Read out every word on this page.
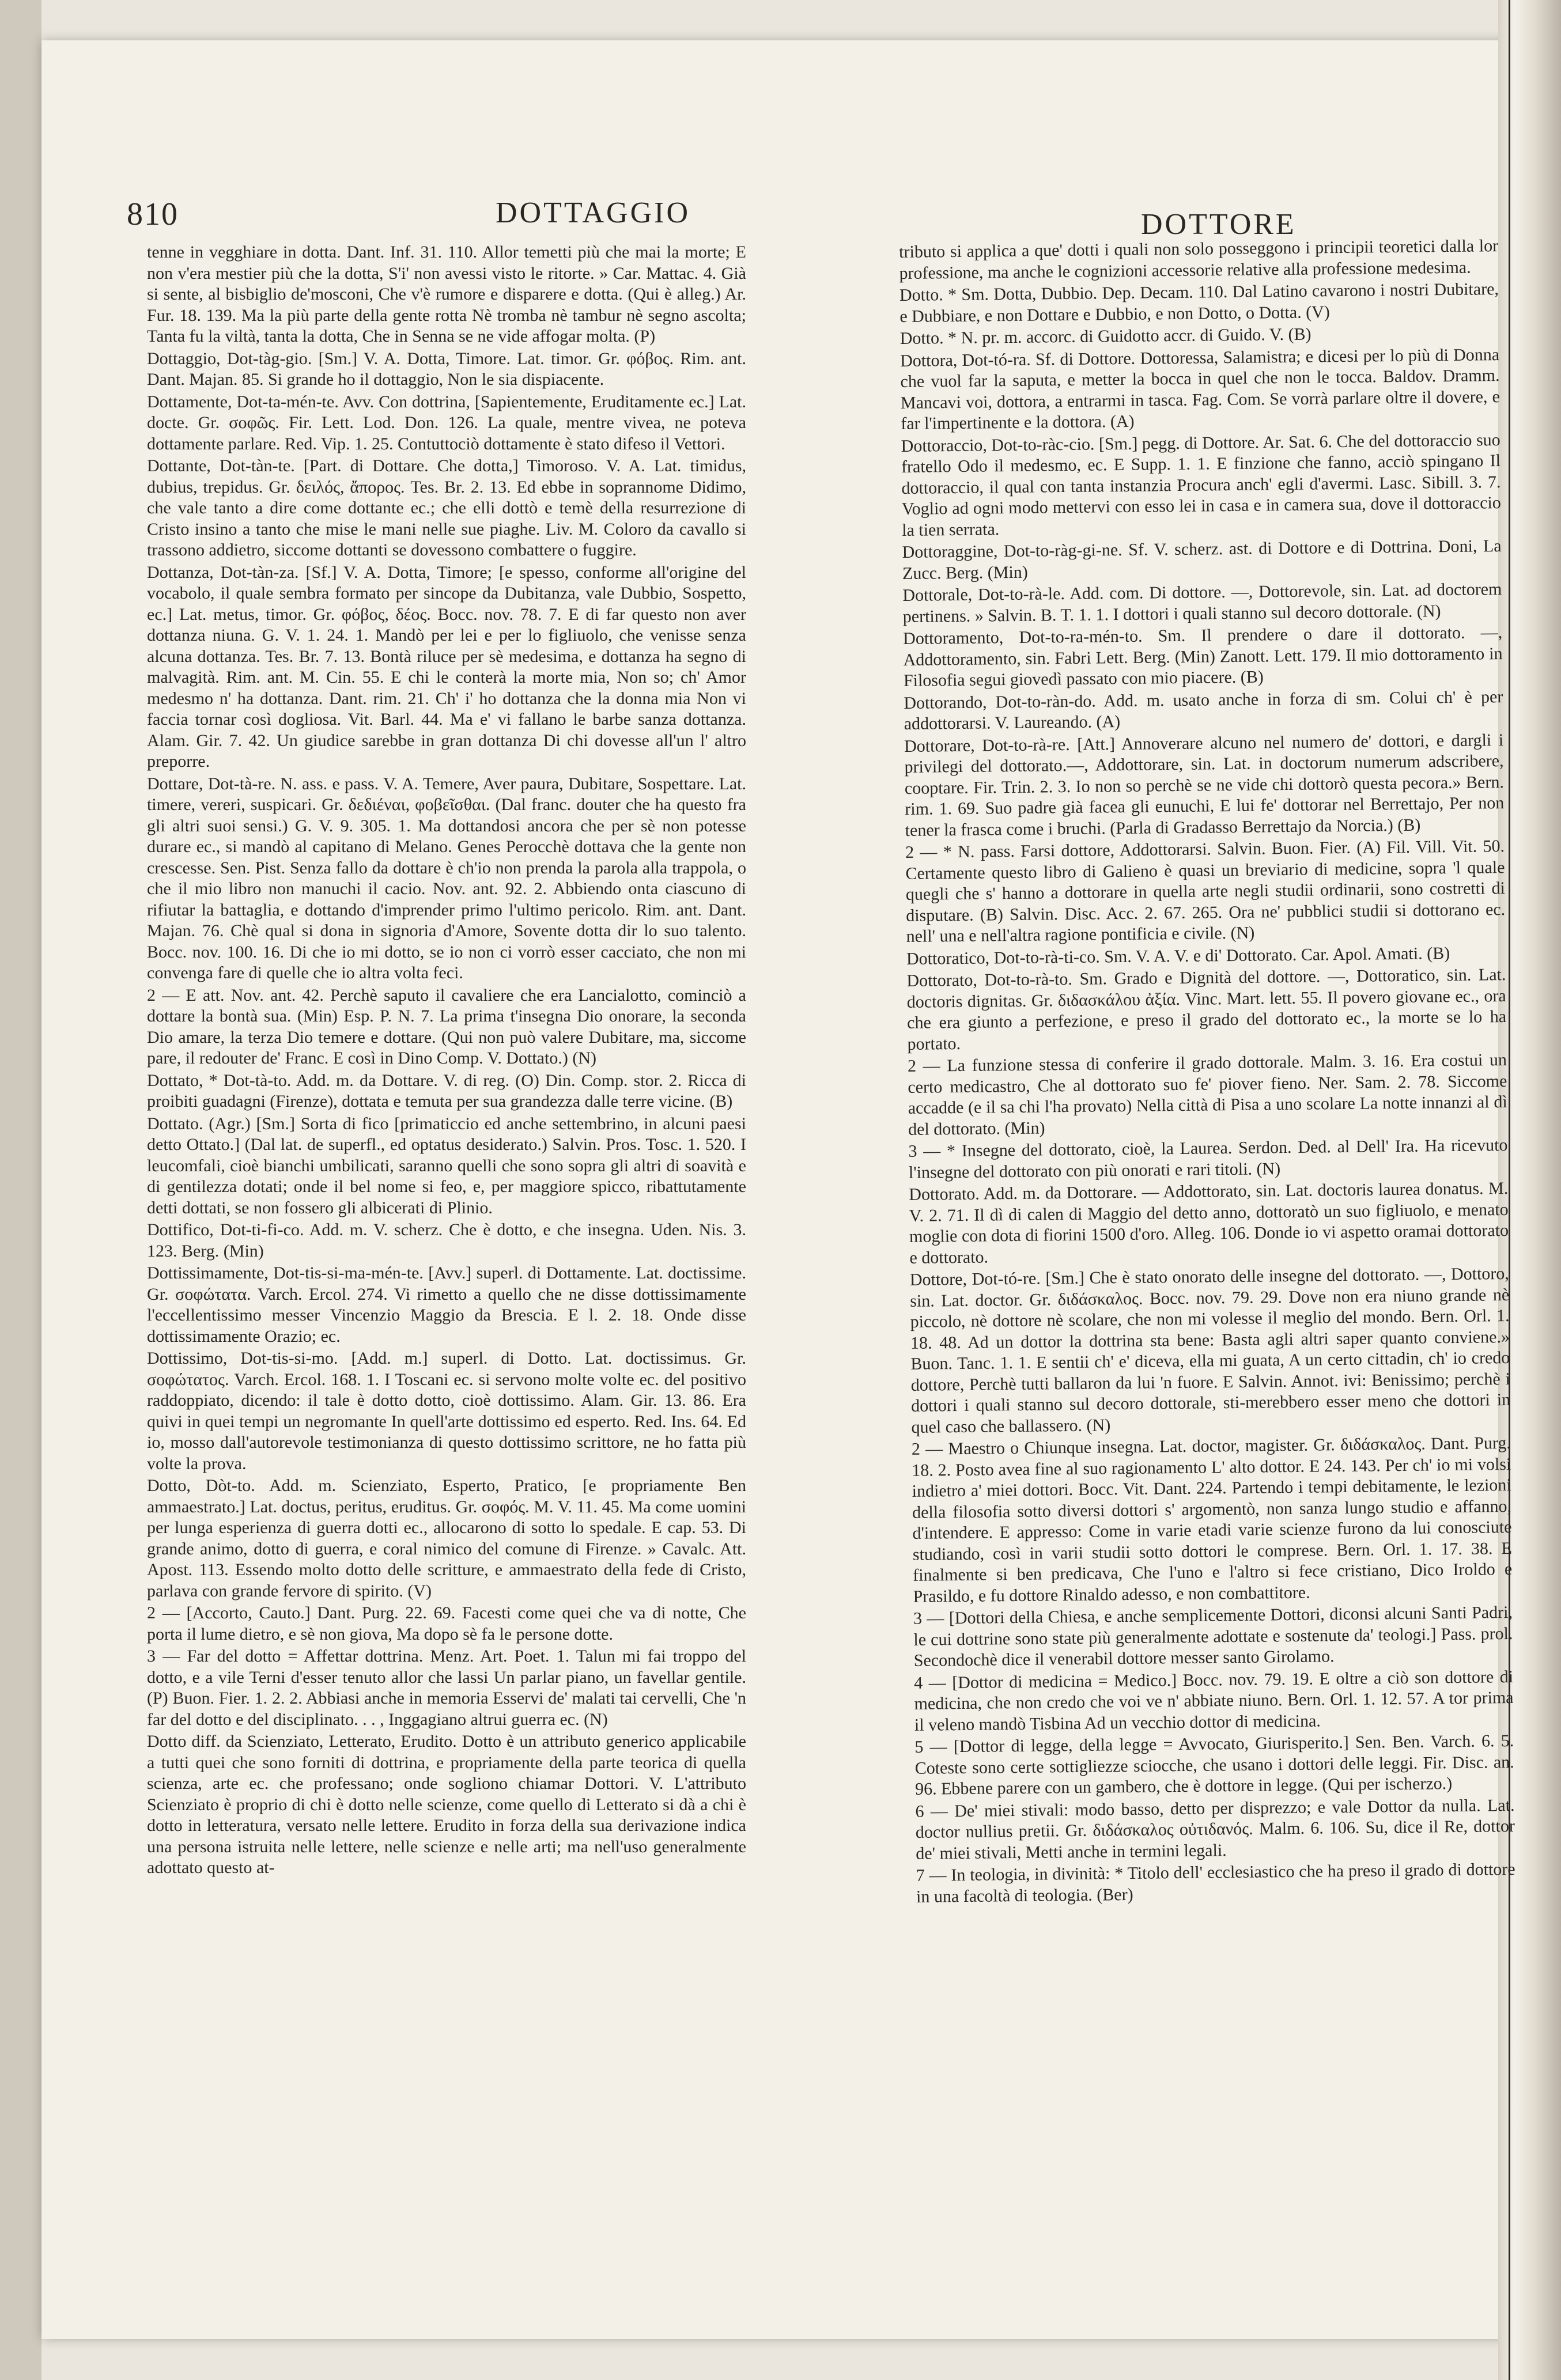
810	DOTTAGGIO	DOTTORE

tenne in vegghiare in dotta. Dant. Inf. 31. 110. Allor temetti più che mai la morte; E non v'era mestier più che la dotta, S'i' non avessi visto le ritorte. » Car. Mattac. 4. Già si sente, al bisbiglio de'mosconi, Che v'è rumore e disparere e dotta. (Qui è alleg.) Ar. Fur. 18. 139. Ma la più parte della gente rotta Nè tromba nè tambur nè segno ascolta; Tanta fu la viltà, tanta la dotta, Che in Senna se ne vide affogar molta. (P)

Dottaggio, Dot-tàg-gio. [Sm.] V. A. Dotta, Timore. Lat. timor. Gr. φόβος. Rim. ant. Dant. Majan. 85. Si grande ho il dottaggio, Non le sia dispiacente.

Dottamente, Dot-ta-mén-te. Avv. Con dottrina, [Sapientemente, Eruditamente ec.] Lat. docte. Gr. σοφῶς. Fir. Lett. Lod. Don. 126. La quale, mentre vivea, ne poteva dottamente parlare. Red. Vip. 1. 25. Contuttociò dottamente è stato difeso il Vettori.

Dottante, Dot-tàn-te. [Part. di Dottare. Che dotta,] Timoroso. V. A. Lat. timidus, dubius, trepidus. Gr. δειλός, ἄπορος. Tes. Br. 2. 13. Ed ebbe in soprannome Didimo, che vale tanto a dire come dottante ec.; che elli dottò e temè della resurrezione di Cristo insino a tanto che mise le mani nelle sue piaghe. Liv. M. Coloro da cavallo si trassono addietro, siccome dottanti se dovessono combattere o fuggire.

Dottanza, Dot-tàn-za. [Sf.] V. A. Dotta, Timore; [e spesso, conforme all'origine del vocabolo, il quale sembra formato per sincope da Dubitanza, vale Dubbio, Sospetto, ec.] Lat. metus, timor. Gr. φόβος, δέος. Bocc. nov. 78. 7. E di far questo non aver dottanza niuna. G. V. 1. 24. 1. Mandò per lei e per lo figliuolo, che venisse senza alcuna dottanza. Tes. Br. 7. 13. Bontà riluce per sè medesima, e dottanza ha segno di malvagità. Rim. ant. M. Cin. 55. E chi le conterà la morte mia, Non so; ch' Amor medesmo n' ha dottanza. Dant. rim. 21. Ch' i' ho dottanza che la donna mia Non vi faccia tornar così dogliosa. Vit. Barl. 44. Ma e' vi fallano le barbe sanza dottanza. Alam. Gir. 7. 42. Un giudice sarebbe in gran dottanza Di chi dovesse all'un l' altro preporre.

Dottare, Dot-tà-re. N. ass. e pass. V. A. Temere, Aver paura, Dubitare, Sospettare. Lat. timere, vereri, suspicari. Gr. δεδιέναι, φοβεῖσθαι. (Dal franc. douter che ha questo fra gli altri suoi sensi.) G. V. 9. 305. 1. Ma dottandosi ancora che per sè non potesse durare ec., si mandò al capitano di Melano. Genes Perocchè dottava che la gente non crescesse. Sen. Pist. Senza fallo da dottare è ch'io non prenda la parola alla trappola, o che il mio libro non manuchi il cacio. Nov. ant. 92. 2. Abbiendo onta ciascuno di rifiutar la battaglia, e dottando d'imprender primo l'ultimo pericolo. Rim. ant. Dant. Majan. 76. Chè qual si dona in signoria d'Amore, Sovente dotta dir lo suo talento. Bocc. nov. 100. 16. Di che io mi dotto, se io non ci vorrò esser cacciato, che non mi convenga fare di quelle che io altra volta feci.

2 — E att. Nov. ant. 42. Perchè saputo il cavaliere che era Lancialotto, cominciò a dottare la bontà sua. (Min) Esp. P. N. 7. La prima t'insegna Dio onorare, la seconda Dio amare, la terza Dio temere e dottare. (Qui non può valere Dubitare, ma, siccome pare, il redouter de' Franc. E così in Dino Comp. V. Dottato.) (N)

Dottato, * Dot-tà-to. Add. m. da Dottare. V. di reg. (O) Din. Comp. stor. 2. Ricca di proibiti guadagni (Firenze), dottata e temuta per sua grandezza dalle terre vicine. (B)

Dottato. (Agr.) [Sm.] Sorta di fico [primaticcio ed anche settembrino, in alcuni paesi detto Ottato.] (Dal lat. de superfl., ed optatus desiderato.) Salvin. Pros. Tosc. 1. 520. I leucomfali, cioè bianchi umbilicati, saranno quelli che sono sopra gli altri di soavità e di gentilezza dotati; onde il bel nome si feo, e, per maggiore spicco, ribattutamente detti dottati, se non fossero gli albicerati di Plinio.

Dottifico, Dot-ti-fi-co. Add. m. V. scherz. Che è dotto, e che insegna. Uden. Nis. 3. 123. Berg. (Min)

Dottissimamente, Dot-tis-si-ma-mén-te. [Avv.] superl. di Dottamente. Lat. doctissime. Gr. σοφώτατα. Varch. Ercol. 274. Vi rimetto a quello che ne disse dottissimamente l'eccellentissimo messer Vincenzio Maggio da Brescia. E l. 2. 18. Onde disse dottissimamente Orazio; ec.

Dottissimo, Dot-tis-si-mo. [Add. m.] superl. di Dotto. Lat. doctissimus. Gr. σοφώτατος. Varch. Ercol. 168. 1. I Toscani ec. si servono molte volte ec. del positivo raddoppiato, dicendo: il tale è dotto dotto, cioè dottissimo. Alam. Gir. 13. 86. Era quivi in quei tempi un negromante In quell'arte dottissimo ed esperto. Red. Ins. 64. Ed io, mosso dall'autorevole testimonianza di questo dottissimo scrittore, ne ho fatta più volte la prova.

Dotto, Dòt-to. Add. m. Scienziato, Esperto, Pratico, [e propriamente Ben ammaestrato.] Lat. doctus, peritus, eruditus. Gr. σοφός. M. V. 11. 45. Ma come uomini per lunga esperienza di guerra dotti ec., allocarono di sotto lo spedale. E cap. 53. Di grande animo, dotto di guerra, e coral nimico del comune di Firenze. » Cavalc. Att. Apost. 113. Essendo molto dotto delle scritture, e ammaestrato della fede di Cristo, parlava con grande fervore di spirito. (V)

2 — [Accorto, Cauto.] Dant. Purg. 22. 69. Facesti come quei che va di notte, Che porta il lume dietro, e sè non giova, Ma dopo sè fa le persone dotte.

3 — Far del dotto = Affettar dottrina. Menz. Art. Poet. 1. Talun mi fai troppo del dotto, e a vile Terni d'esser tenuto allor che lassi Un parlar piano, un favellar gentile. (P) Buon. Fier. 1. 2. 2. Abbiasi anche in memoria Esservi de' malati tai cervelli, Che 'n far del dotto e del disciplinato. . . , Inggagiano altrui guerra ec. (N)

Dotto diff. da Scienziato, Letterato, Erudito. Dotto è un attributo generico applicabile a tutti quei che sono forniti di dottrina, e propriamente della parte teorica di quella scienza, arte ec. che professano; onde sogliono chiamar Dottori. V. L'attributo Scienziato è proprio di chi è dotto nelle scienze, come quello di Letterato si dà a chi è dotto in letteratura, versato nelle lettere. Erudito in forza della sua derivazione indica una persona istruita nelle lettere, nelle scienze e nelle arti; ma nell'uso generalmente adottato questo at-

tributo si applica a que' dotti i quali non solo posseggono i principii teoretici dalla lor professione, ma anche le cognizioni accessorie relative alla professione medesima.

Dotto. * Sm. Dotta, Dubbio. Dep. Decam. 110. Dal Latino cavarono i nostri Dubitare, e Dubbiare, e non Dottare e Dubbio, e non Dotto, o Dotta. (V)

Dotto. * N. pr. m. accorc. di Guidotto accr. di Guido. V. (B)

Dottora, Dot-tó-ra. Sf. di Dottore. Dottoressa, Salamistra; e dicesi per lo più di Donna che vuol far la saputa, e metter la bocca in quel che non le tocca. Baldov. Dramm. Mancavi voi, dottora, a entrarmi in tasca. Fag. Com. Se vorrà parlare oltre il dovere, e far l'impertinente e la dottora. (A)

Dottoraccio, Dot-to-ràc-cio. [Sm.] pegg. di Dottore. Ar. Sat. 6. Che del dottoraccio suo fratello Odo il medesmo, ec. E Supp. 1. 1. E finzione che fanno, acciò spingano Il dottoraccio, il qual con tanta instanzia Procura anch' egli d'avermi. Lasc. Sibill. 3. 7. Voglio ad ogni modo mettervi con esso lei in casa e in camera sua, dove il dottoraccio la tien serrata.

Dottoraggine, Dot-to-ràg-gi-ne. Sf. V. scherz. ast. di Dottore e di Dottrina. Doni, La Zucc. Berg. (Min)

Dottorale, Dot-to-rà-le. Add. com. Di dottore. —, Dottorevole, sin. Lat. ad doctorem pertinens. » Salvin. B. T. 1. 1. I dottori i quali stanno sul decoro dottorale. (N)

Dottoramento, Dot-to-ra-mén-to. Sm. Il prendere o dare il dottorato. —, Addottoramento, sin. Fabri Lett. Berg. (Min) Zanott. Lett. 179. Il mio dottoramento in Filosofia segui giovedì passato con mio piacere. (B)

Dottorando, Dot-to-ràn-do. Add. m. usato anche in forza di sm. Colui ch' è per addottorarsi. V. Laureando. (A)

Dottorare, Dot-to-rà-re. [Att.] Annoverare alcuno nel numero de' dottori, e dargli i privilegi del dottorato.—, Addottorare, sin. Lat. in doctorum numerum adscribere, cooptare. Fir. Trin. 2. 3. Io non so perchè se ne vide chi dottorò questa pecora.» Bern. rim. 1. 69. Suo padre già facea gli eunuchi, E lui fe' dottorar nel Berrettajo, Per non tener la frasca come i bruchi. (Parla di Gradasso Berrettajo da Norcia.) (B)

2 — * N. pass. Farsi dottore, Addottorarsi. Salvin. Buon. Fier. (A) Fil. Vill. Vit. 50. Certamente questo libro di Galieno è quasi un breviario di medicine, sopra 'l quale quegli che s' hanno a dottorare in quella arte negli studii ordinarii, sono costretti di disputare. (B) Salvin. Disc. Acc. 2. 67. 265. Ora ne' pubblici studii si dottorano ec. nell' una e nell'altra ragione pontificia e civile. (N)

Dottoratico, Dot-to-rà-ti-co. Sm. V. A. V. e di' Dottorato. Car. Apol. Amati. (B)

Dottorato, Dot-to-rà-to. Sm. Grado e Dignità del dottore. —, Dottoratico, sin. Lat. doctoris dignitas. Gr. διδασκάλου ἀξία. Vinc. Mart. lett. 55. Il povero giovane ec., ora che era giunto a perfezione, e preso il grado del dottorato ec., la morte se lo ha portato.

2 — La funzione stessa di conferire il grado dottorale. Malm. 3. 16. Era costui un certo medicastro, Che al dottorato suo fe' piover fieno. Ner. Sam. 2. 78. Siccome accadde (e il sa chi l'ha provato) Nella città di Pisa a uno scolare La notte innanzi al dì del dottorato. (Min)

3 — * Insegne del dottorato, cioè, la Laurea. Serdon. Ded. al Dell' Ira. Ha ricevuto l'insegne del dottorato con più onorati e rari titoli. (N)

Dottorato. Add. m. da Dottorare. — Addottorato, sin. Lat. doctoris laurea donatus. M. V. 2. 71. Il dì di calen di Maggio del detto anno, dottoratò un suo figliuolo, e menato moglie con dota di fiorini 1500 d'oro. Alleg. 106. Donde io vi aspetto oramai dottorato e dottorato.

Dottore, Dot-tó-re. [Sm.] Che è stato onorato delle insegne del dottorato. —, Dottoro, sin. Lat. doctor. Gr. διδάσκαλος. Bocc. nov. 79. 29. Dove non era niuno grande nè piccolo, nè dottore nè scolare, che non mi volesse il meglio del mondo. Bern. Orl. 1. 18. 48. Ad un dottor la dottrina sta bene: Basta agli altri saper quanto conviene.» Buon. Tanc. 1. 1. E sentii ch' e' diceva, ella mi guata, A un certo cittadin, ch' io credo dottore, Perchè tutti ballaron da lui 'n fuore. E Salvin. Annot. ivi: Benissimo; perchè i dottori i quali stanno sul decoro dottorale, sti-merebbero esser meno che dottori in quel caso che ballassero. (N)

2 — Maestro o Chiunque insegna. Lat. doctor, magister. Gr. διδάσκαλος. Dant. Purg. 18. 2. Posto avea fine al suo ragionamento L' alto dottor. E 24. 143. Per ch' io mi volsi indietro a' miei dottori. Bocc. Vit. Dant. 224. Partendo i tempi debitamente, le lezioni della filosofia sotto diversi dottori s' argomentò, non sanza lungo studio e affanno, d'intendere. E appresso: Come in varie etadi varie scienze furono da lui conosciute studiando, così in varii studii sotto dottori le comprese. Bern. Orl. 1. 17. 38. E finalmente si ben predicava, Che l'uno e l'altro si fece cristiano, Dico Iroldo e Prasildo, e fu dottore Rinaldo adesso, e non combattitore.

3 — [Dottori della Chiesa, e anche semplicemente Dottori, diconsi alcuni Santi Padri, le cui dottrine sono state più generalmente adottate e sostenute da' teologi.] Pass. prol. Secondochè dice il venerabil dottore messer santo Girolamo.

4 — [Dottor di medicina = Medico.] Bocc. nov. 79. 19. E oltre a ciò son dottore di medicina, che non credo che voi ve n' abbiate niuno. Bern. Orl. 1. 12. 57. A tor prima il veleno mandò Tisbina Ad un vecchio dottor di medicina.

5 — [Dottor di legge, della legge = Avvocato, Giurisperito.] Sen. Ben. Varch. 6. 5. Coteste sono certe sottigliezze sciocche, che usano i dottori delle leggi. Fir. Disc. an. 96. Ebbene parere con un gambero, che è dottore in legge. (Qui per ischerzo.)

6 — De' miei stivali: modo basso, detto per disprezzo; e vale Dottor da nulla. Lat. doctor nullius pretii. Gr. διδάσκαλος οὐτιδανός. Malm. 6. 106. Su, dice il Re, dottor de' miei stivali, Metti anche in termini legali.

7 — In teologia, in divinità: * Titolo dell' ecclesiastico che ha preso il grado di dottore in una facoltà di teologia. (Ber)
